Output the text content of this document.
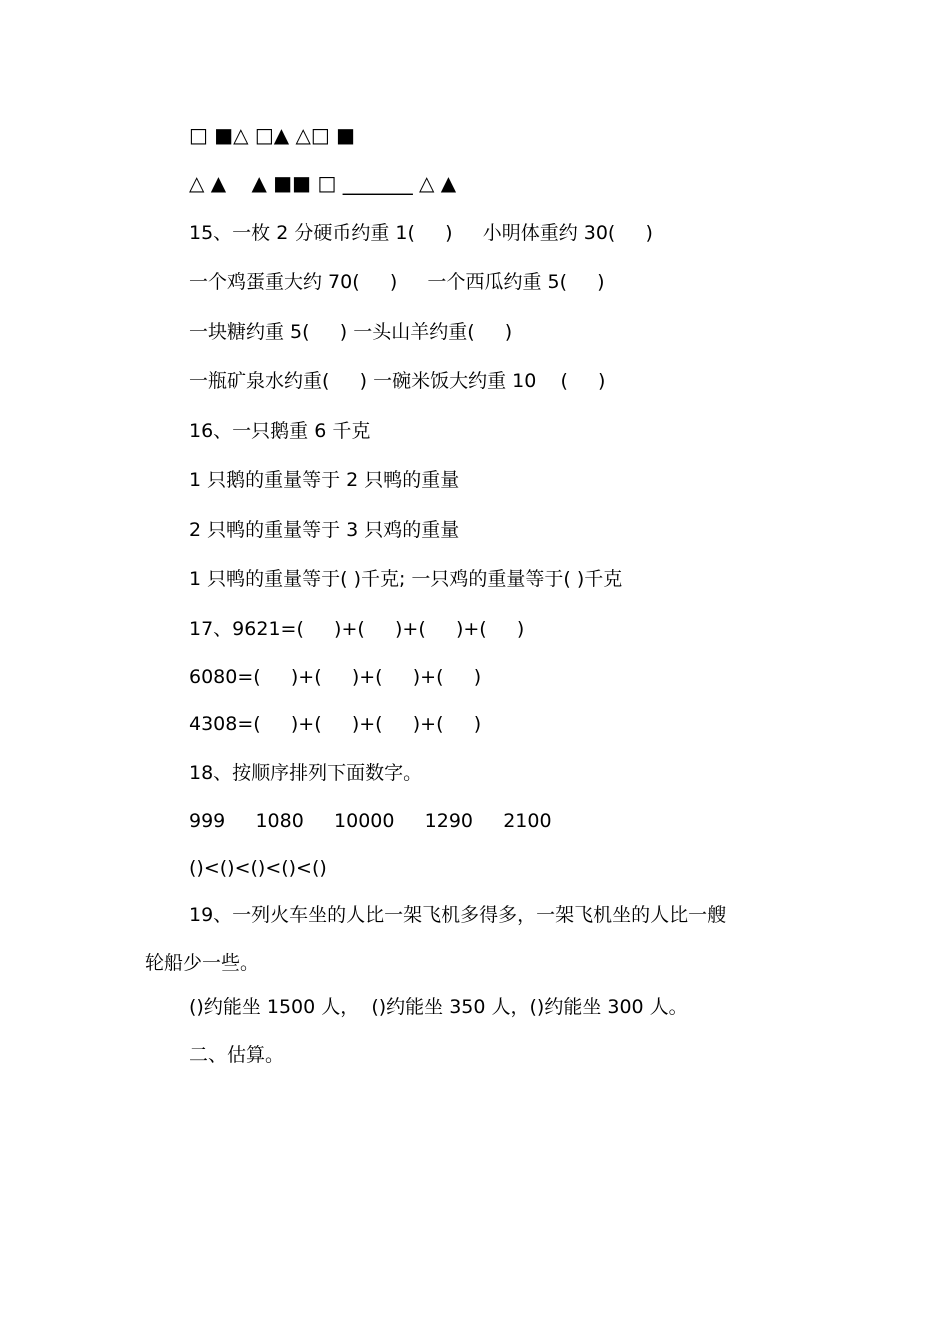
□ ■△ □▲ △□ ■
△ ▲    ▲ ■■ □ _______ △ ▲
15、一枚 2 分硬币约重 1(     )     小明体重约 30(     )
一个鸡蛋重大约 70(     )     一个西瓜约重 5(     )
一块糖约重 5(     ) 一头山羊约重(     )
一瓶矿泉水约重(     ) 一碗米饭大约重 10    (     )
16、一只鹅重 6 千克
1 只鹅的重量等于 2 只鸭的重量
2 只鸭的重量等于 3 只鸡的重量
1 只鸭的重量等于( )千克; 一只鸡的重量等于( )千克
17、9621=(     )+(     )+(     )+(     )
6080=(     )+(     )+(     )+(     )
4308=(     )+(     )+(     )+(     )
18、按顺序排列下面数字。
999     1080     10000     1290     2100
()<()<()<()<()
19、一列火车坐的人比一架飞机多得多，一架飞机坐的人比一艘
轮船少一些。
()约能坐 1500 人，  ()约能坐 350 人，()约能坐 300 人。
二、估算。
